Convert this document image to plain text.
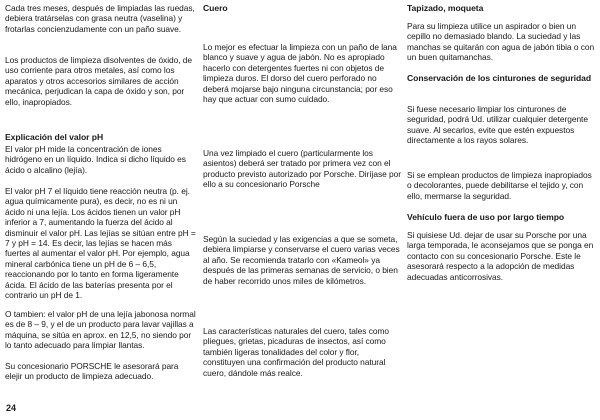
Cada tres meses, después de limpiadas las ruedas, debiera tratárselas con grasa neutra (vaselina) y frotarlas concienzudamente con un paño suave.

Los productos de limpieza disolventes de óxido, de uso corriente para otros metales, así como los aparatos y otros accesorios similares de acción mecánica, perjudican la capa de óxido y son, por ello, inapropiados.

Explicación del valor pH

El valor pH mide la concentración de iones hidrógeno en un líquido. Indica si dicho líquido es ácido o alcalino (lejía).

El valor pH 7 el líquido tiene reacción neutra (p. ej. agua químicamente pura), es decir, no es ni un ácido ni una lejía. Los ácidos tienen un valor pH inferior a 7, aumentando la fuerza del ácido al disminuir el valor pH. Las lejías se sitúan entre pH = 7 y pH = 14. Es decir, las lejías se hacen más fuertes al aumentar el valor pH. Por ejemplo, agua mineral carbónica tiene un pH de 6 – 6,5, reaccionando por lo tanto en forma ligeramente ácida. El ácido de las baterías presenta por el contrario un pH de 1.

O tambien: el valor pH de una lejía jabonosa normal es de 8 – 9, y el de un producto para lavar vajillas a máquina, se sitúa en aprox. en 12,5, no siendo por lo tanto adecuado para limpiar llantas.

Su concesionario PORSCHE le asesorará para elejir un producto de limpieza adecuado.

Cuero

Lo mejor es efectuar la limpieza con un paño de lana blanco y suave y agua de jabón. No es apropiado hacerlo con detergentes fuertes ni con objetos de limpieza duros. El dorso del cuero perforado no deberá mojarse bajo ninguna circunstancia; por eso hay que actuar con sumo cuidado.

Una vez limpiado el cuero (particularmente los asientos) deberá ser tratado por primera vez con el producto previsto autorizado por Porsche. Diríjase por ello a su concesionario Porsche

Según la suciedad y las exigencias a que se someta, debiera limpiarse y conservarse el cuero varias veces al año. Se recomienda tratarlo con «Kameol» ya después de las primeras semanas de servicio, o bien de haber recorrido unos miles de kilómetros.

Las características naturales del cuero, tales como pliegues, grietas, picaduras de insectos, así como también ligeras tonalidades del color y flor, constituyen una confirmación del producto natural cuero, dándole más realce.

Tapizado, moqueta

Para su limpieza utilice un aspirador o bien un cepillo no demasiado blando. La suciedad y las manchas se quitarán con agua de jabón tibia o con un buen quitamanchas.

Conservación de los cinturones de seguridad

Si fuese necesario limpiar los cinturones de seguridad, podrá Ud. utilizar cualquier detergente suave. Al secarlos, evite que estén expuestos directamente a los rayos solares.

Si se emplean productos de limpieza inapropiados o decolorantes, puede debilitarse el tejido y, con ello, mermarse la seguridad.

Vehículo fuera de uso por largo tiempo

Si quisiese Ud. dejar de usar su Porsche por una larga temporada, le aconsejamos que se ponga en contacto con su concesionario Porsche. Este le asesorará respecto a la adopción de medidas adecuadas anticorrosivas.

24
